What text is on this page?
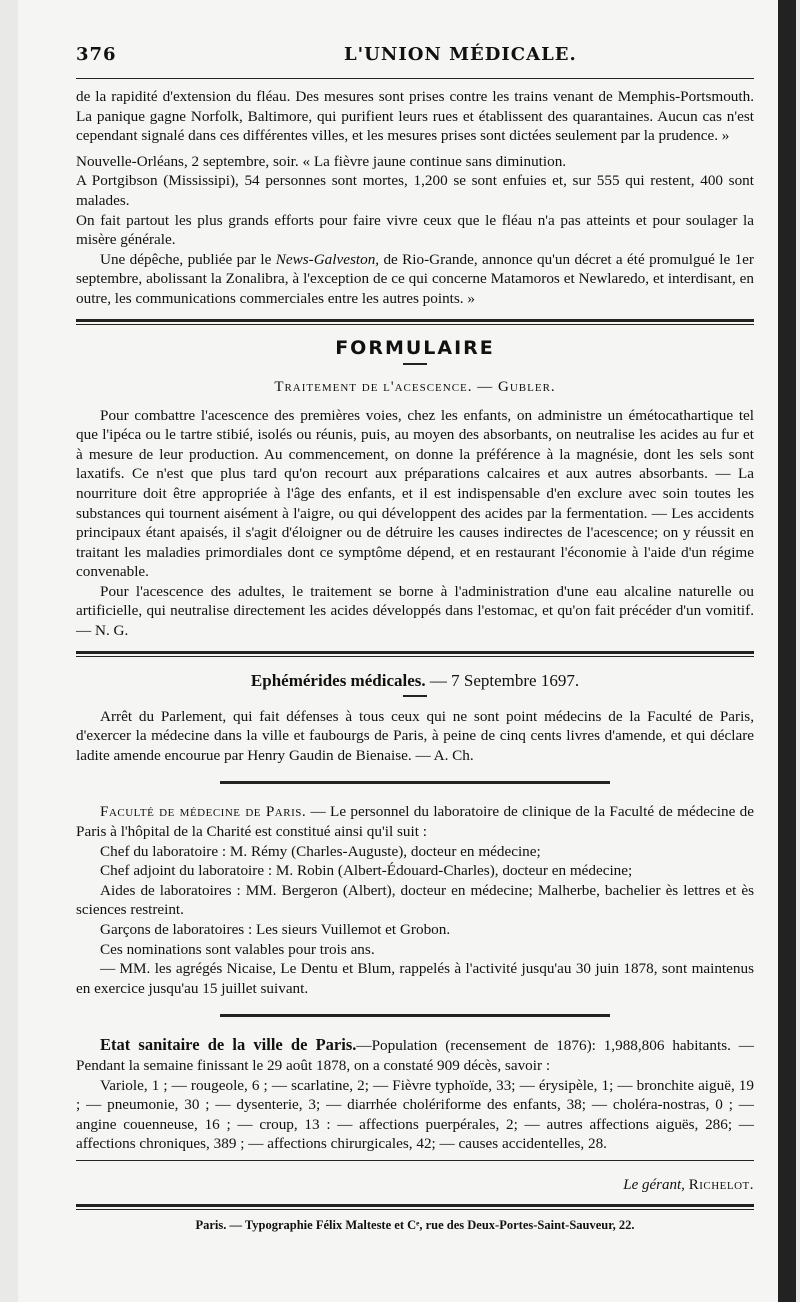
376	L'UNION MÉDICALE.

de la rapidité d'extension du fléau. Des mesures sont prises contre les trains venant de Memphis-Portsmouth. La panique gagne Norfolk, Baltimore, qui purifient leurs rues et établissent des quarantaines. Aucun cas n'est cependant signalé dans ces différentes villes, et les mesures prises sont dictées seulement par la prudence. »

Nouvelle-Orléans, 2 septembre, soir. « La fièvre jaune continue sans diminution.

A Portgibson (Mississipi), 54 personnes sont mortes, 1,200 se sont enfuies et, sur 555 qui restent, 400 sont malades.

On fait partout les plus grands efforts pour faire vivre ceux que le fléau n'a pas atteints et pour soulager la misère générale.

Une dépêche, publiée par le News-Galveston, de Rio-Grande, annonce qu'un décret a été promulgué le 1er septembre, abolissant la Zonalibra, à l'exception de ce qui concerne Matamoros et Newlaredo, et interdisant, en outre, les communications commerciales entre les autres points. »

FORMULAIRE
Traitement de l'acescence. — Gubler.

Pour combattre l'acescence des premières voies, chez les enfants, on administre un émétocathartique tel que l'ipéca ou le tartre stibié, isolés ou réunis, puis, au moyen des absorbants, on neutralise les acides au fur et à mesure de leur production. Au commencement, on donne la préférence à la magnésie, dont les sels sont laxatifs. Ce n'est que plus tard qu'on recourt aux préparations calcaires et aux autres absorbants. — La nourriture doit être appropriée à l'âge des enfants, et il est indispensable d'en exclure avec soin toutes les substances qui tournent aisément à l'aigre, ou qui développent des acides par la fermentation. — Les accidents principaux étant apaisés, il s'agit d'éloigner ou de détruire les causes indirectes de l'acescence; on y réussit en traitant les maladies primordiales dont ce symptôme dépend, et en restaurant l'économie à l'aide d'un régime convenable.

Pour l'acescence des adultes, le traitement se borne à l'administration d'une eau alcaline naturelle ou artificielle, qui neutralise directement les acides développés dans l'estomac, et qu'on fait précéder d'un vomitif. — N. G.

Ephémérides médicales. — 7 Septembre 1697.

Arrêt du Parlement, qui fait défenses à tous ceux qui ne sont point médecins de la Faculté de Paris, d'exercer la médecine dans la ville et faubourgs de Paris, à peine de cinq cents livres d'amende, et qui déclare ladite amende encourue par Henry Gaudin de Bienaise. — A. Ch.

Faculté de médecine de Paris. — Le personnel du laboratoire de clinique de la Faculté de médecine de Paris à l'hôpital de la Charité est constitué ainsi qu'il suit :

Chef du laboratoire : M. Rémy (Charles-Auguste), docteur en médecine;

Chef adjoint du laboratoire : M. Robin (Albert-Édouard-Charles), docteur en médecine;

Aides de laboratoires : MM. Bergeron (Albert), docteur en médecine; Malherbe, bachelier ès lettres et ès sciences restreint.

Garçons de laboratoires : Les sieurs Vuillemot et Grobon.

Ces nominations sont valables pour trois ans.

— MM. les agrégés Nicaise, Le Dentu et Blum, rappelés à l'activité jusqu'au 30 juin 1878, sont maintenus en exercice jusqu'au 15 juillet suivant.

Etat sanitaire de la ville de Paris.—Population (recensement de 1876): 1,988,806 habitants. — Pendant la semaine finissant le 29 août 1878, on a constaté 909 décès, savoir :

Variole, 1 ; — rougeole, 6 ; — scarlatine, 2; — Fièvre typhoïde, 33; — érysipèle, 1; — bronchite aiguë, 19 ; — pneumonie, 30 ; — dysenterie, 3; — diarrhée cholériforme des enfants, 38; — choléra-nostras, 0 ; — angine couenneuse, 16 ; — croup, 13 : — affections puerpérales, 2; — autres affections aiguës, 286; — affections chroniques, 389 ; — affections chirurgicales, 42; — causes accidentelles, 28.

Le gérant, Richelot.
Paris. — Typographie Félix Malteste et Cᵉ, rue des Deux-Portes-Saint-Sauveur, 22.
